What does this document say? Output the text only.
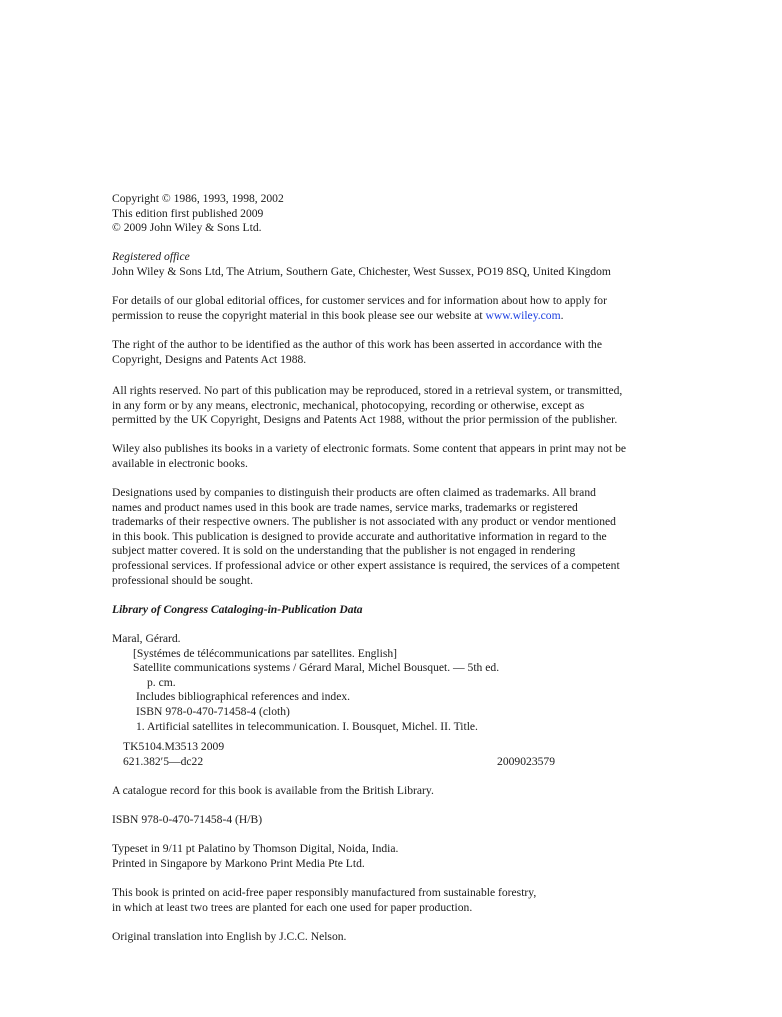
Copyright © 1986, 1993, 1998, 2002
This edition first published 2009
© 2009 John Wiley & Sons Ltd.
Registered office
John Wiley & Sons Ltd, The Atrium, Southern Gate, Chichester, West Sussex, PO19 8SQ, United Kingdom
For details of our global editorial offices, for customer services and for information about how to apply for
permission to reuse the copyright material in this book please see our website at www.wiley.com.
The right of the author to be identified as the author of this work has been asserted in accordance with the
Copyright, Designs and Patents Act 1988.
All rights reserved. No part of this publication may be reproduced, stored in a retrieval system, or transmitted,
in any form or by any means, electronic, mechanical, photocopying, recording or otherwise, except as
permitted by the UK Copyright, Designs and Patents Act 1988, without the prior permission of the publisher.
Wiley also publishes its books in a variety of electronic formats. Some content that appears in print may not be
available in electronic books.
Designations used by companies to distinguish their products are often claimed as trademarks. All brand
names and product names used in this book are trade names, service marks, trademarks or registered
trademarks of their respective owners. The publisher is not associated with any product or vendor mentioned
in this book. This publication is designed to provide accurate and authoritative information in regard to the
subject matter covered. It is sold on the understanding that the publisher is not engaged in rendering
professional services. If professional advice or other expert assistance is required, the services of a competent
professional should be sought.
Library of Congress Cataloging-in-Publication Data
Maral, Gérard.
[Systémes de télécommunications par satellites. English]
Satellite communications systems / Gérard Maral, Michel Bousquet. — 5th ed.
p. cm.
Includes bibliographical references and index.
ISBN 978-0-470-71458-4 (cloth)
1. Artificial satellites in telecommunication. I. Bousquet, Michel. II. Title.
TK5104.M3513 2009
621.382′5—dc22	2009023579
A catalogue record for this book is available from the British Library.
ISBN 978-0-470-71458-4 (H/B)
Typeset in 9/11 pt Palatino by Thomson Digital, Noida, India.
Printed in Singapore by Markono Print Media Pte Ltd.
This book is printed on acid-free paper responsibly manufactured from sustainable forestry,
in which at least two trees are planted for each one used for paper production.
Original translation into English by J.C.C. Nelson.
